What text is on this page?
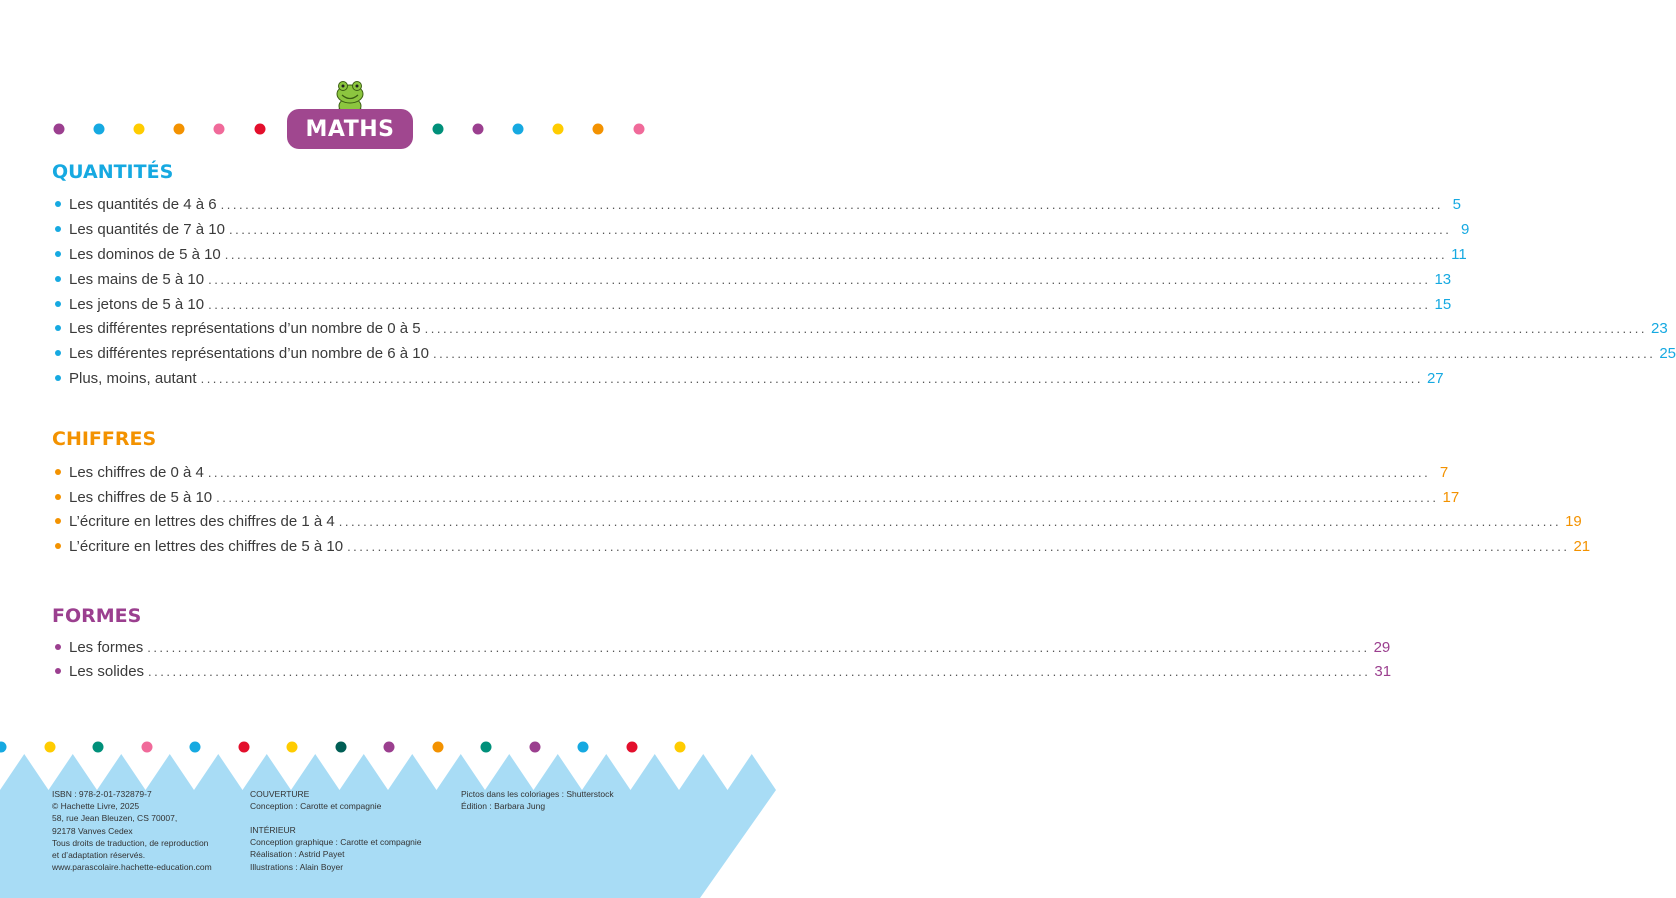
MATHS
QUANTITÉS
Les quantités de 4 à 6 ........................................................................................................................................................................................................ 5
Les quantités de 7 à 10 ........................................................................................................................................................................................................ 9
Les dominos de 5 à 10 ........................................................................................................................................................................................................ 11
Les mains de 5 à 10 ........................................................................................................................................................................................................ 13
Les jetons de 5 à 10 ........................................................................................................................................................................................................ 15
Les différentes représentations d’un nombre de 0 à 5 ........................................................................................................................................................................................................ 23
Les différentes représentations d’un nombre de 6 à 10 ........................................................................................................................................................................................................ 25
Plus, moins, autant ........................................................................................................................................................................................................ 27
CHIFFRES
Les chiffres de 0 à 4 ........................................................................................................................................................................................................ 7
Les chiffres de 5 à 10 ........................................................................................................................................................................................................ 17
L’écriture en lettres des chiffres de 1 à 4 ........................................................................................................................................................................................................ 19
L’écriture en lettres des chiffres de 5 à 10 ........................................................................................................................................................................................................ 21
FORMES
Les formes ........................................................................................................................................................................................................ 29
Les solides ........................................................................................................................................................................................................ 31
ISBN : 978-2-01-732879-7
© Hachette Livre, 2025
58, rue Jean Bleuzen, CS 70007,
92178 Vanves Cedex
Tous droits de traduction, de reproduction
et d’adaptation réservés.
www.parascolaire.hachette-education.com
COUVERTURE
Conception : Carotte et compagnie
INTÉRIEUR
Conception graphique : Carotte et compagnie
Réalisation : Astrid Payet
Illustrations : Alain Boyer
Pictos dans les coloriages : Shutterstock
Édition : Barbara Jung
